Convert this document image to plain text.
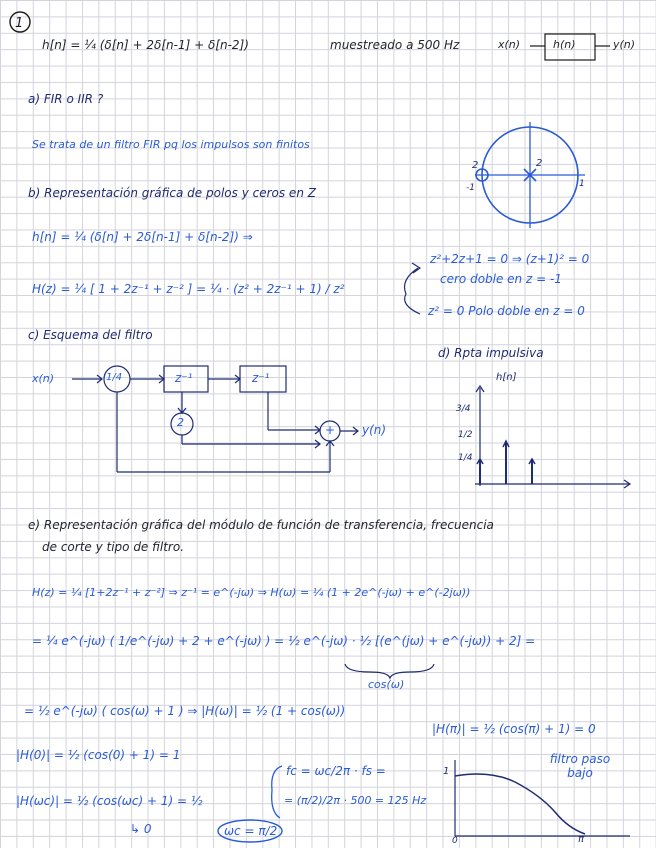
1
2	2
-1	1
h[n] = ¼ (δ[n] + 2δ[n-1] + δ[n-2])	muestreado a 500 Hz	x(n)	h(n)	y(n)
a) FIR o IIR ?
Se trata de un filtro FIR pq los impulsos son finitos
b) Representación gráfica de polos y ceros en Z
h[n] = ¼ (δ[n] + 2δ[n-1] + δ[n-2]) ⇒
H(z) = ¼ [ 1 + 2z⁻¹ + z⁻² ] = ¼ · (z² + 2z⁻¹ + 1) / z²
z²+2z+1 = 0 ⇒ (z+1)² = 0
cero doble en z = -1
z² = 0 Polo doble en z = 0
c) Esquema del filtro
x(n)	1/4	z⁻¹	z⁻¹
2
+ y(n)
d) Rpta impulsiva
h[n]
3/4
1/2
1/4
e) Representación gráfica del módulo de función de transferencia, frecuencia
de corte y tipo de filtro.
H(z) = ¼ [1+2z⁻¹ + z⁻²] ⇒ z⁻¹ = e^(-jω) ⇒ H(ω) = ¼ (1 + 2e^(-jω) + e^(-2jω))
= ¼ e^(-jω) ( 1/e^(-jω) + 2 + e^(-jω) ) = ½ e^(-jω) · ½ [(e^(jω) + e^(-jω)) + 2] =
cos(ω)
= ½ e^(-jω) ( cos(ω) + 1 ) ⇒ |H(ω)| = ½ (1 + cos(ω))
|H(π)| = ½ (cos(π) + 1) = 0
|H(0)| = ½ (cos(0) + 1) = 1
|H(ωc)| = ½ (cos(ωc) + 1) = ½
↳ 0	ωc = π/2
fc = ωc/2π · fs =
= (π/2)/2π · 500 = 125 Hz
filtro paso bajo
1
0	π
